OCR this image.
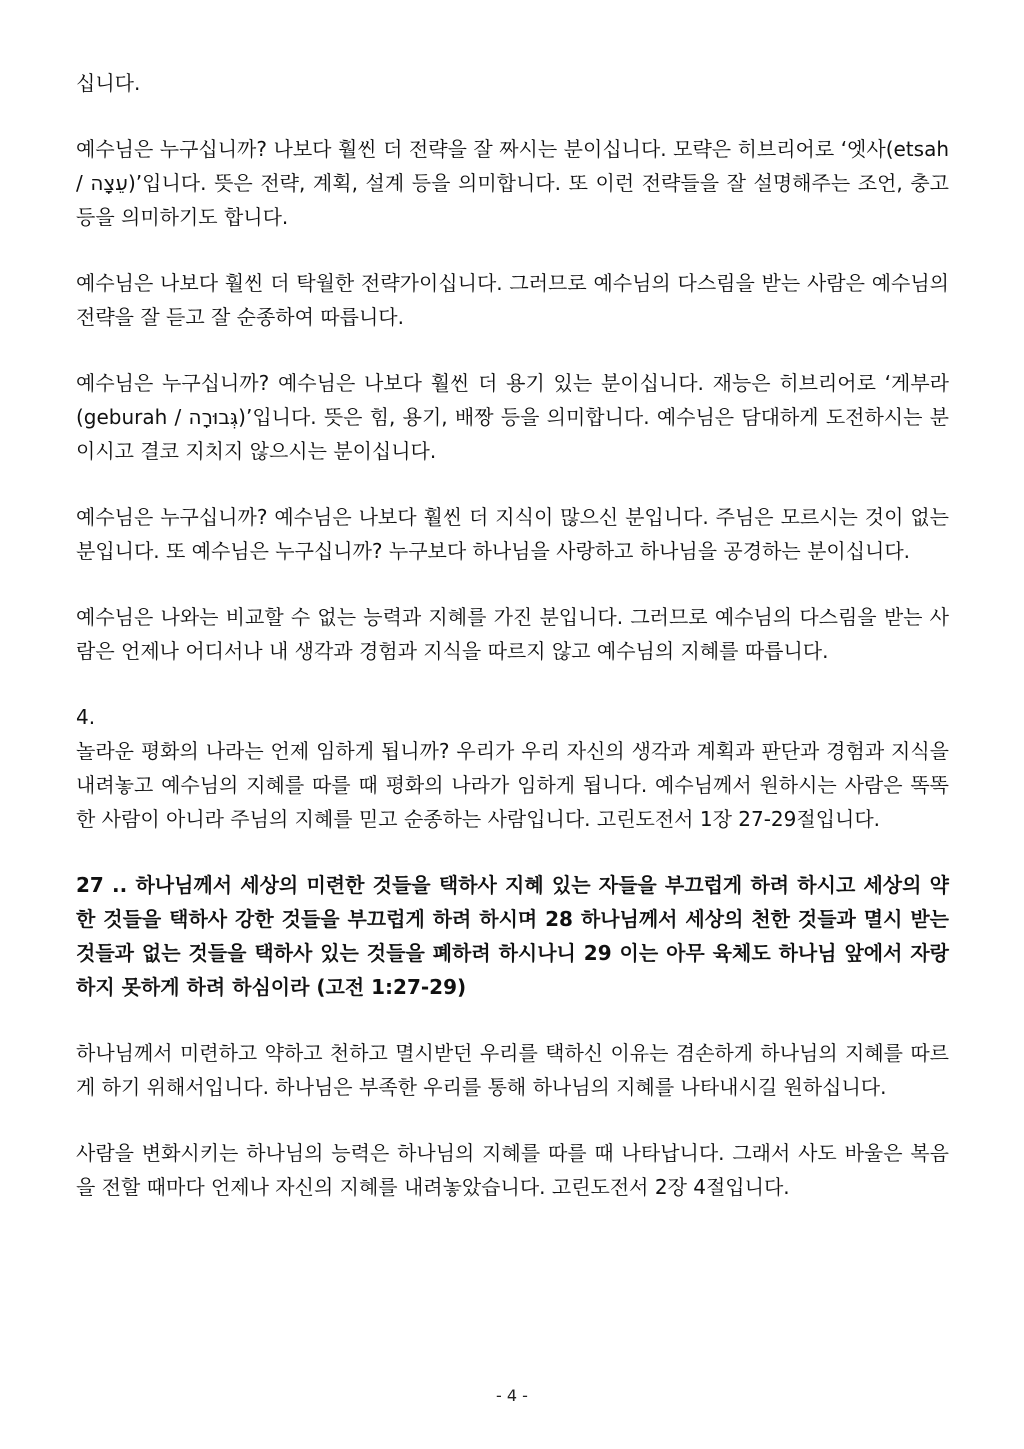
십니다.

예수님은 누구십니까? 나보다 훨씬 더 전략을 잘 짜시는 분이십니다. 모략은 히브리어로 ‘엣사(etsah / עֵצָה)’입니다. 뜻은 전략, 계획, 설계 등을 의미합니다. 또 이런 전략들을 잘 설명해주는 조언, 충고 등을 의미하기도 합니다.

예수님은 나보다 훨씬 더 탁월한 전략가이십니다. 그러므로 예수님의 다스림을 받는 사람은 예수님의 전략을 잘 듣고 잘 순종하여 따릅니다.

예수님은 누구십니까? 예수님은 나보다 훨씬 더 용기 있는 분이십니다. 재능은 히브리어로 ‘게부라(geburah / גְּבוּרָה)’입니다. 뜻은 힘, 용기, 배짱 등을 의미합니다. 예수님은 담대하게 도전하시는 분이시고 결코 지치지 않으시는 분이십니다.

예수님은 누구십니까? 예수님은 나보다 훨씬 더 지식이 많으신 분입니다. 주님은 모르시는 것이 없는 분입니다. 또 예수님은 누구십니까? 누구보다 하나님을 사랑하고 하나님을 공경하는 분이십니다.

예수님은 나와는 비교할 수 없는 능력과 지혜를 가진 분입니다. 그러므로 예수님의 다스림을 받는 사람은 언제나 어디서나 내 생각과 경험과 지식을 따르지 않고 예수님의 지혜를 따릅니다.

4.

놀라운 평화의 나라는 언제 임하게 됩니까? 우리가 우리 자신의 생각과 계획과 판단과 경험과 지식을 내려놓고 예수님의 지혜를 따를 때 평화의 나라가 임하게 됩니다. 예수님께서 원하시는 사람은 똑똑한 사람이 아니라 주님의 지혜를 믿고 순종하는 사람입니다. 고린도전서 1장 27-29절입니다.

27 .. 하나님께서 세상의 미련한 것들을 택하사 지혜 있는 자들을 부끄럽게 하려 하시고 세상의 약한 것들을 택하사 강한 것들을 부끄럽게 하려 하시며 28 하나님께서 세상의 천한 것들과 멸시 받는 것들과 없는 것들을 택하사 있는 것들을 폐하려 하시나니 29 이는 아무 육체도 하나님 앞에서 자랑하지 못하게 하려 하심이라 (고전 1:27-29)

하나님께서 미련하고 약하고 천하고 멸시받던 우리를 택하신 이유는 겸손하게 하나님의 지혜를 따르게 하기 위해서입니다. 하나님은 부족한 우리를 통해 하나님의 지혜를 나타내시길 원하십니다.

사람을 변화시키는 하나님의 능력은 하나님의 지혜를 따를 때 나타납니다. 그래서 사도 바울은 복음을 전할 때마다 언제나 자신의 지혜를 내려놓았습니다. 고린도전서 2장 4절입니다.

- 4 -
